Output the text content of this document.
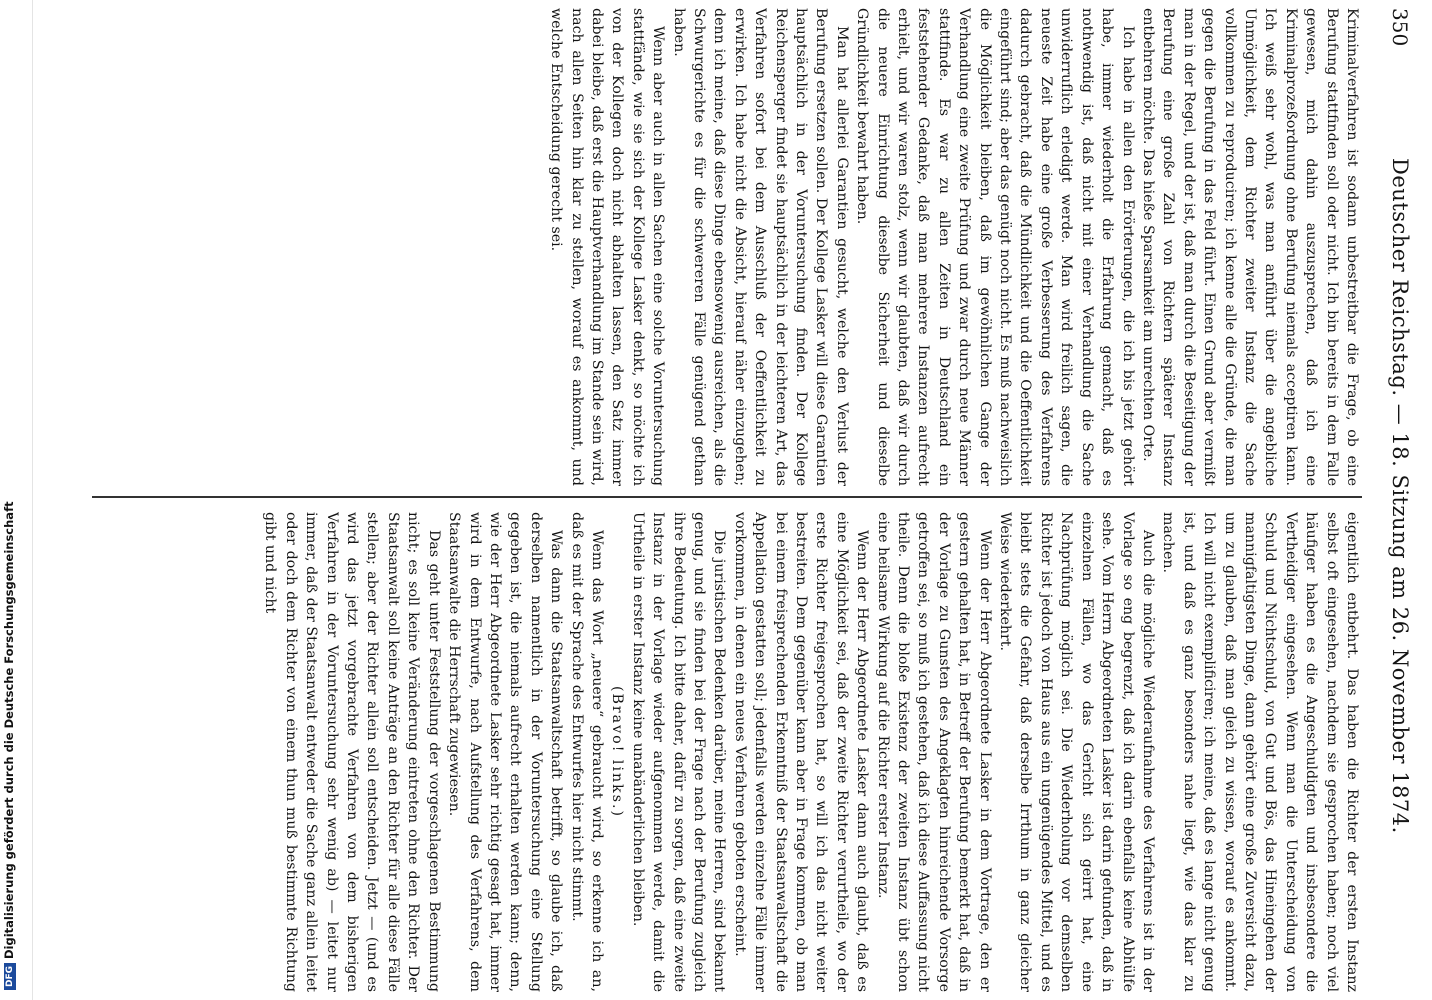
350
Deutscher Reichstag. — 18. Sitzung am 26. November 1874.

Kriminalverfahren ist sodann unbestreitbar die Frage, ob eine Berufung stattfinden soll oder nicht. Ich bin bereits in dem Falle gewesen, mich dahin auszusprechen, daß ich eine Kriminalprozeßordnung ohne Berufung niemals acceptiren kann. Ich weiß sehr wohl, was man anführt über die angebliche Unmöglichkeit, dem Richter zweiter Instanz die Sache vollkommen zu reproduciren; ich kenne alle die Gründe, die man gegen die Berufung in das Feld führt. Einen Grund aber vermißt man in der Regel, und der ist, daß man durch die Beseitigung der Berufung eine große Zahl von Richtern späterer Instanz entbehren möchte. Das hieße Sparsamkeit am unrechten Orte.

Ich habe in allen den Erörterungen, die ich bis jetzt gehört habe, immer wiederholt die Erfahrung gemacht, daß es nothwendig ist, daß nicht mit einer Verhandlung die Sache unwiderruflich erledigt werde. Man wird freilich sagen, die neueste Zeit habe eine große Verbesserung des Verfahrens dadurch gebracht, daß die Mündlichkeit und die Oeffentlichkeit eingeführt sind; aber das genügt noch nicht. Es muß nachweislich die Möglichkeit bleiben, daß im gewöhnlichen Gange der Verhandlung eine zweite Prüfung und zwar durch neue Männer stattfinde. Es war zu allen Zeiten in Deutschland ein feststehender Gedanke, daß man mehrere Instanzen aufrecht erhielt, und wir waren stolz, wenn wir glaubten, daß wir durch die neuere Einrichtung dieselbe Sicherheit und dieselbe Gründlichkeit bewahrt haben.

Man hat allerlei Garantien gesucht, welche den Verlust der Berufung ersetzen sollen. Der Kollege Lasker will diese Garantien hauptsächlich in der Voruntersuchung finden. Der Kollege Reichensperger findet sie hauptsächlich in der leichteren Art, das Verfahren sofort bei dem Ausschluß der Oeffentlichkeit zu erwirken. Ich habe nicht die Absicht, hierauf näher einzugehen; denn ich meine, daß diese Dinge ebensowenig ausreichen, als die Schwurgerichte es für die schwereren Fälle genügend gethan haben.

Wenn aber auch in allen Sachen eine solche Voruntersuchung stattfände, wie sie sich der Kollege Lasker denkt, so möchte ich von der Kollegen doch nicht abhalten lassen, den Satz immer dabei bleibe, daß erst die Hauptverhandlung im Stande sein wird, nach allen Seiten hin klar zu stellen, worauf es ankommt, und welche Entscheidung gerecht sei.

eigentlich entbehrt. Das haben die Richter der ersten Instanz selbst oft eingesehen, nachdem sie gesprochen haben; noch viel häufiger haben es die Angeschuldigten und insbesondere die Vertheidiger eingesehen. Wenn man die Unterscheidung von Schuld und Nichtschuld, von Gut und Bös, das Hineingehen der mannigfaltigsten Dinge, dann gehört eine große Zuversicht dazu, um zu glauben, daß man gleich zu wissen, worauf es ankommt. Ich will nicht exemplificiren; ich meine, daß es lange nicht genug ist, und daß es ganz besonders nahe liegt, wie das klar zu machen.

Auch die mögliche Wiederaufnahme des Verfahrens ist in der Vorlage so eng begrenzt, daß ich darin ebenfalls keine Abhülfe sehe. Vom Herrn Abgeordneten Lasker ist darin gefunden, daß in einzelnen Fällen, wo das Gericht sich geirrt hat, eine Nachprüfung möglich sei. Die Wiederholung vor demselben Richter ist jedoch von Haus aus ein ungenügendes Mittel, und es bleibt stets die Gefahr, daß derselbe Irrthum in ganz gleicher Weise wiederkehrt.

Wenn der Herr Abgeordnete Lasker in dem Vortrage, den er gestern gehalten hat, in Betreff der Berufung bemerkt hat, daß in der Vorlage zu Gunsten des Angeklagten hinreichende Vorsorge getroffen sei, so muß ich gestehen, daß ich diese Auffassung nicht theile. Denn die bloße Existenz der zweiten Instanz übt schon eine heilsame Wirkung auf die Richter erster Instanz.

Wenn der Herr Abgeordnete Lasker dann auch glaubt, daß es eine Möglichkeit sei, daß der zweite Richter verurtheile, wo der erste Richter freigesprochen hat, so will ich das nicht weiter bestreiten. Dem gegenüber kann aber in Frage kommen, ob man bei einem freisprechenden Erkenntniß der Staatsanwaltschaft die Appellation gestatten soll; jedenfalls werden einzelne Fälle immer vorkommen, in denen ein neues Verfahren geboten erscheint.

Die juristischen Bedenken darüber, meine Herren, sind bekannt genug, und sie finden bei der Frage nach der Berufung zugleich ihre Bedeutung. Ich bitte daher, dafür zu sorgen, daß eine zweite Instanz in der Vorlage wieder aufgenommen werde, damit die Urtheile in erster Instanz keine unabänderlichen bleiben.

(Bravo! links.)

Wenn das Wort „neuere“ gebraucht wird, so erkenne ich an, daß es mit der Sprache des Entwurfes hier nicht stimmt.

Was dann die Staatsanwaltschaft betrifft, so glaube ich, daß derselben namentlich in der Voruntersuchung eine Stellung gegeben ist, die niemals aufrecht erhalten werden kann; denn, wie der Herr Abgeordnete Lasker sehr richtig gesagt hat, immer wird in dem Entwurfe, nach Aufstellung des Verfahrens, dem Staatsanwalte die Herrschaft zugewiesen.

Das geht unter Feststellung der vorgeschlagenen Bestimmung nicht; es soll keine Veränderung eintreten ohne den Richter. Der Staatsanwalt soll keine Anträge an den Richter für alle diese Fälle stellen; aber der Richter allein soll entscheiden. Jetzt — (und es wird das jetzt vorgebrachte Verfahren von dem bisherigen Verfahren in der Voruntersuchung sehr wenig ab) — leitet nur immer, daß der Staatsanwalt entweder die Sache ganz allein leitet oder doch dem Richter von einem thun muß bestimmte Richtung gibt und nicht

DFGDigitalisierung gefördert durch die Deutsche Forschungsgemeinschaft
